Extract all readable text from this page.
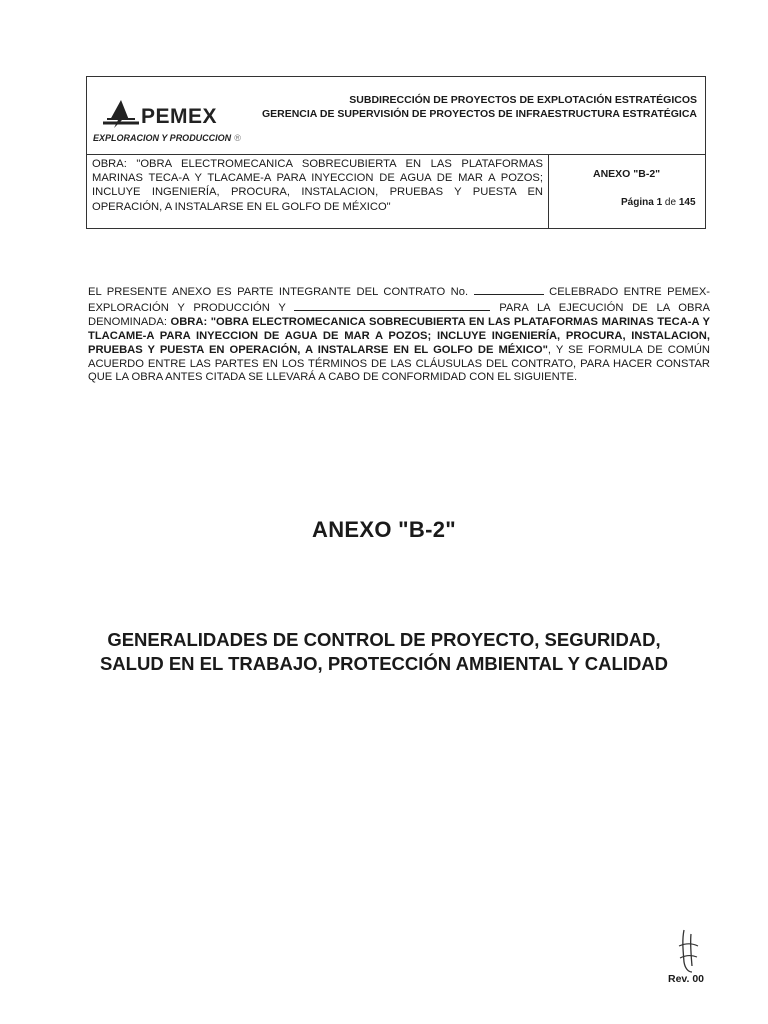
PEMEX
EXPLORACION Y PRODUCCION ®
SUBDIRECCIÓN DE PROYECTOS DE EXPLOTACIÓN ESTRATÉGICOS
GERENCIA DE SUPERVISIÓN DE PROYECTOS DE INFRAESTRUCTURA ESTRATÉGICA
OBRA: "OBRA ELECTROMECANICA SOBRECUBIERTA EN LAS PLATAFORMAS MARINAS TECA-A Y TLACAME-A PARA INYECCION DE AGUA DE MAR A POZOS; INCLUYE INGENIERÍA, PROCURA, INSTALACION, PRUEBAS Y PUESTA EN OPERACIÓN, A INSTALARSE EN EL GOLFO DE MÉXICO"
ANEXO "B-2"
Página 1 de 145
EL PRESENTE ANEXO ES PARTE INTEGRANTE DEL CONTRATO No.	CELEBRADO ENTRE PEMEX-EXPLORACIÓN Y PRODUCCIÓN Y	PARA LA EJECUCIÓN DE LA OBRA DENOMINADA: OBRA: "OBRA ELECTROMECANICA SOBRECUBIERTA EN LAS PLATAFORMAS MARINAS TECA-A Y TLACAME-A PARA INYECCION DE AGUA DE MAR A POZOS; INCLUYE INGENIERÍA, PROCURA, INSTALACION, PRUEBAS Y PUESTA EN OPERACIÓN, A INSTALARSE EN EL GOLFO DE MÉXICO", Y SE FORMULA DE COMÚN ACUERDO ENTRE LAS PARTES EN LOS TÉRMINOS DE LAS CLÁUSULAS DEL CONTRATO, PARA HACER CONSTAR QUE LA OBRA ANTES CITADA SE LLEVARÁ A CABO DE CONFORMIDAD CON EL SIGUIENTE.
ANEXO "B-2"
GENERALIDADES DE CONTROL DE PROYECTO, SEGURIDAD,
SALUD EN EL TRABAJO, PROTECCIÓN AMBIENTAL Y CALIDAD
Rev. 00
